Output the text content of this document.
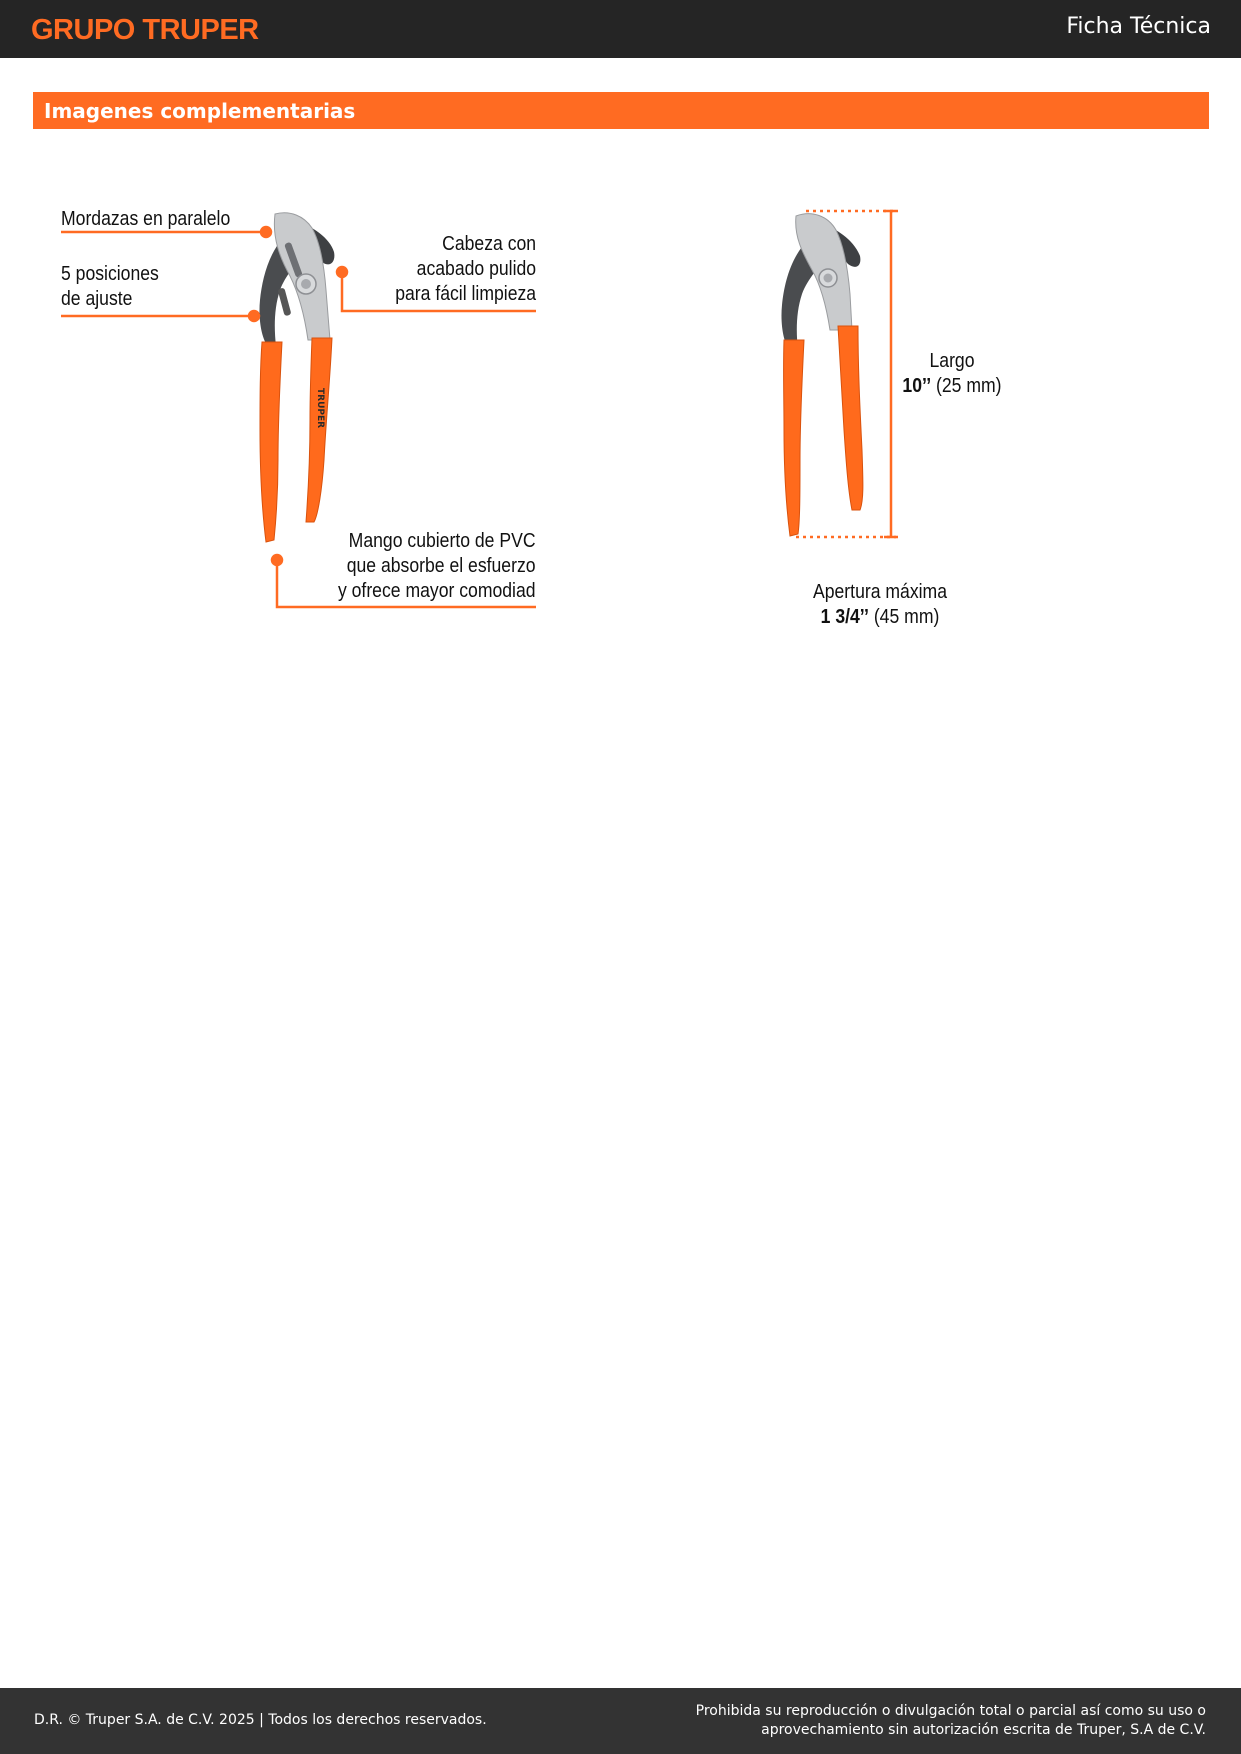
GRUPO TRUPER	Ficha Técnica
Imagenes complementarias
TRUPER
Mordazas en paralelo
5 posiciones
de ajuste
Cabeza con
acabado pulido
para fácil limpieza
Mango cubierto de PVC
que absorbe el esfuerzo
y ofrece mayor comodiad
Largo
10’’ (25 mm)
Apertura máxima
1 3/4’’ (45 mm)
D.R. © Truper S.A. de C.V. 2025 | Todos los derechos reservados.
Prohibida su reproducción o divulgación total o parcial así como su uso o
aprovechamiento sin autorización escrita de Truper, S.A de C.V.
